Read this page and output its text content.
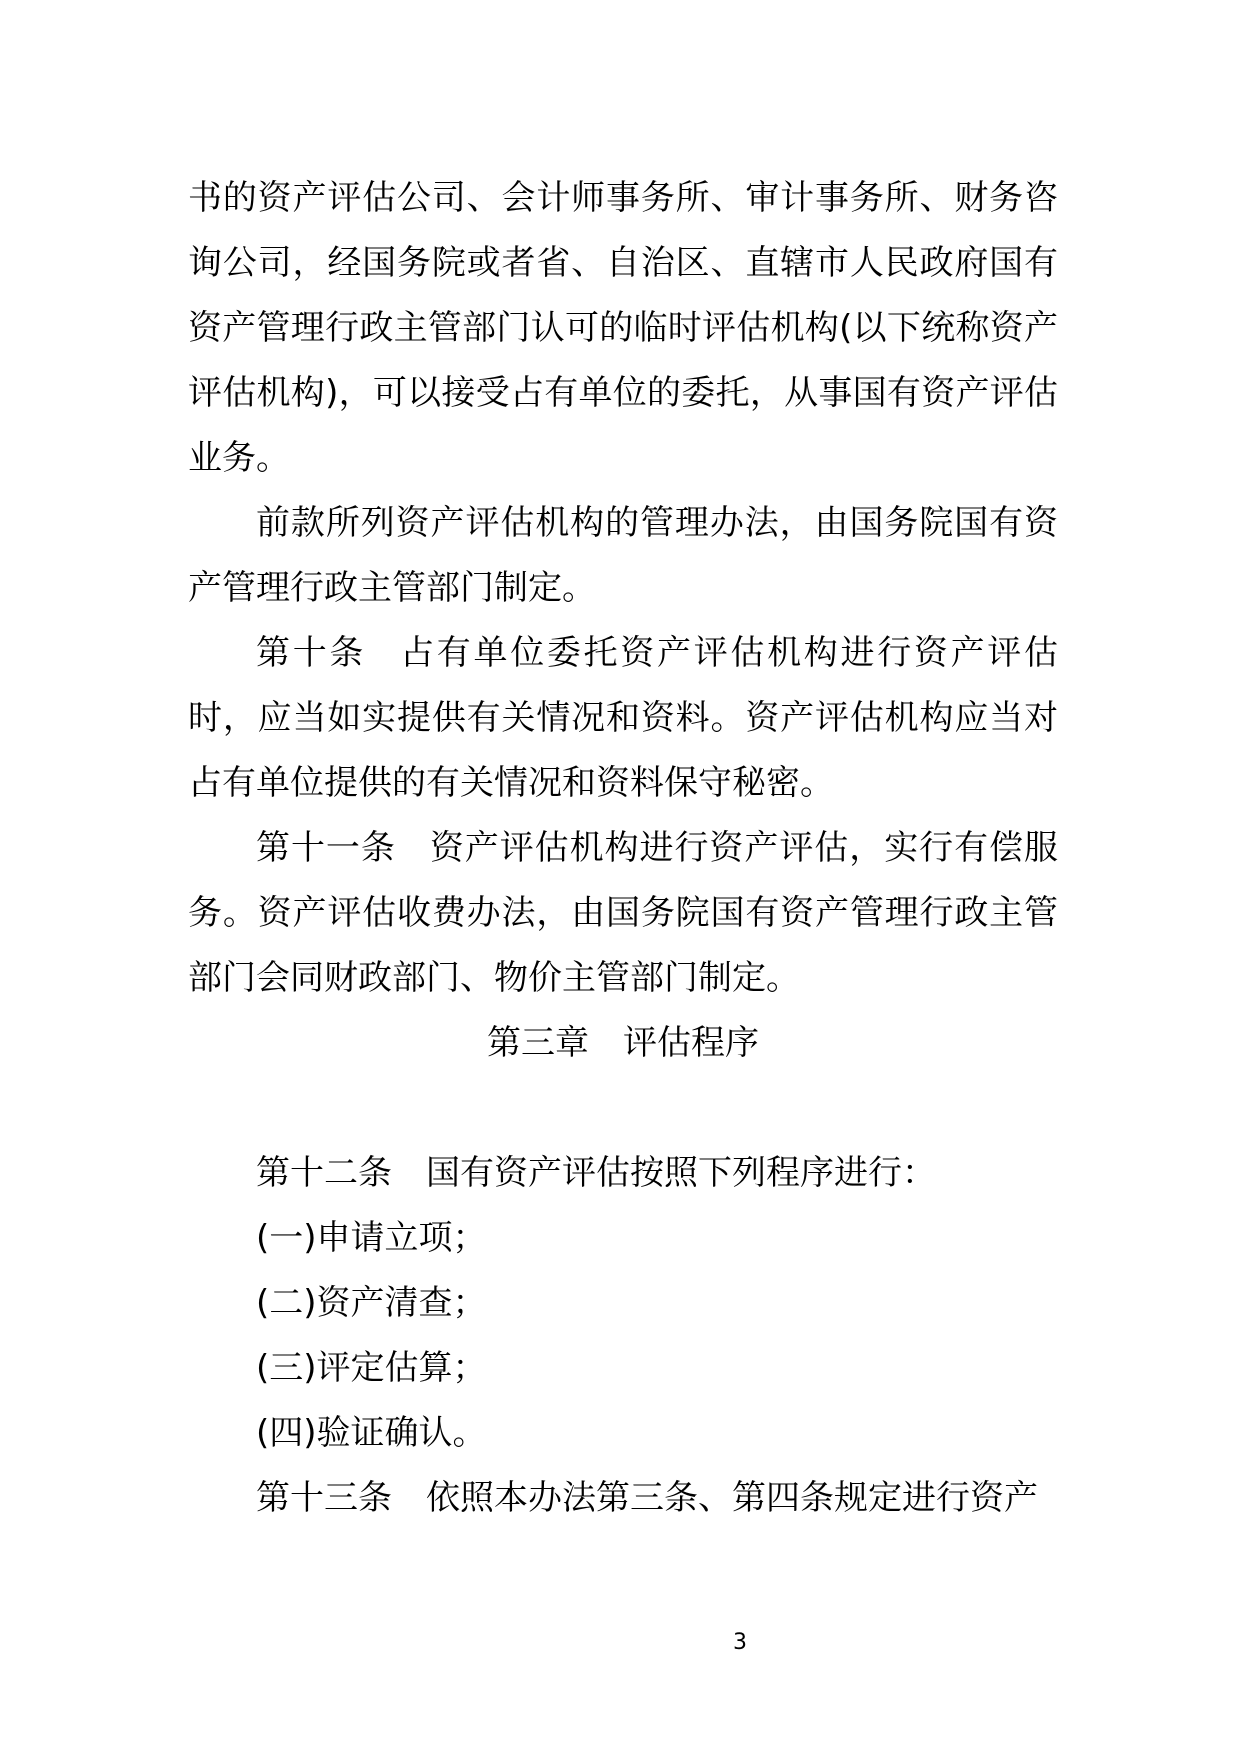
书的资产评估公司、会计师事务所、审计事务所、财务咨询公司，经国务院或者省、自治区、直辖市人民政府国有资产管理行政主管部门认可的临时评估机构(以下统称资产评估机构)，可以接受占有单位的委托，从事国有资产评估业务。

前款所列资产评估机构的管理办法，由国务院国有资产管理行政主管部门制定。

第十条 占有单位委托资产评估机构进行资产评估时，应当如实提供有关情况和资料。资产评估机构应当对占有单位提供的有关情况和资料保守秘密。

第十一条 资产评估机构进行资产评估，实行有偿服务。资产评估收费办法，由国务院国有资产管理行政主管部门会同财政部门、物价主管部门制定。

第三章　评估程序

第十二条 国有资产评估按照下列程序进行：

(一)申请立项；

(二)资产清查；

(三)评定估算；

(四)验证确认。

第十三条 依照本办法第三条、第四条规定进行资产

3
